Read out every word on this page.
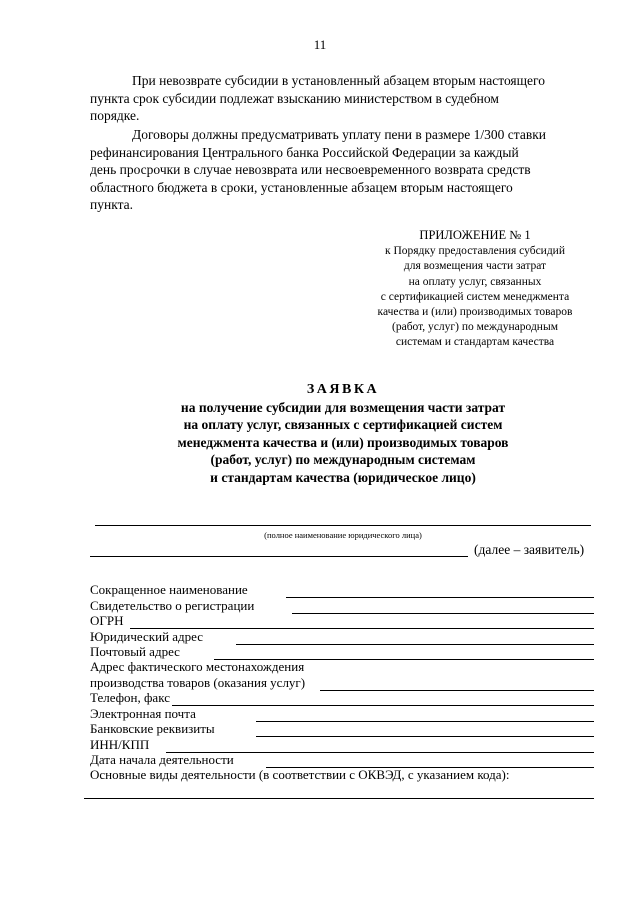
11
При невозврате субсидии в установленный абзацем вторым настоящего
пункта срок субсидии подлежат взысканию министерством в судебном
порядке.
Договоры должны предусматривать уплату пени в размере 1/300 ставки
рефинансирования Центрального банка Российской Федерации за каждый
день просрочки в случае невозврата или несвоевременного возврата средств
областного бюджета в сроки, установленные абзацем вторым настоящего
пункта.
ПРИЛОЖЕНИЕ № 1
к Порядку предоставления субсидий
для возмещения части затрат
на оплату услуг, связанных
с сертификацией систем менеджмента
качества и (или) производимых товаров
(работ, услуг) по международным
системам и стандартам качества
ЗАЯВКА
на получение субсидии для возмещения части затрат
на оплату услуг, связанных с сертификацией систем
менеджмента качества и (или) производимых товаров
(работ, услуг) по международным системам
и стандартам качества (юридическое лицо)
(полное наименование юридического лица)
(далее – заявитель)
Сокращенное наименование
Свидетельство о регистрации
ОГРН
Юридический адрес
Почтовый адрес
Адрес фактического местонахождения
производства товаров (оказания услуг)
Телефон, факс
Электронная почта
Банковские реквизиты
ИНН/КПП
Дата начала деятельности
Основные виды деятельности (в соответствии с ОКВЭД, с указанием кода):
